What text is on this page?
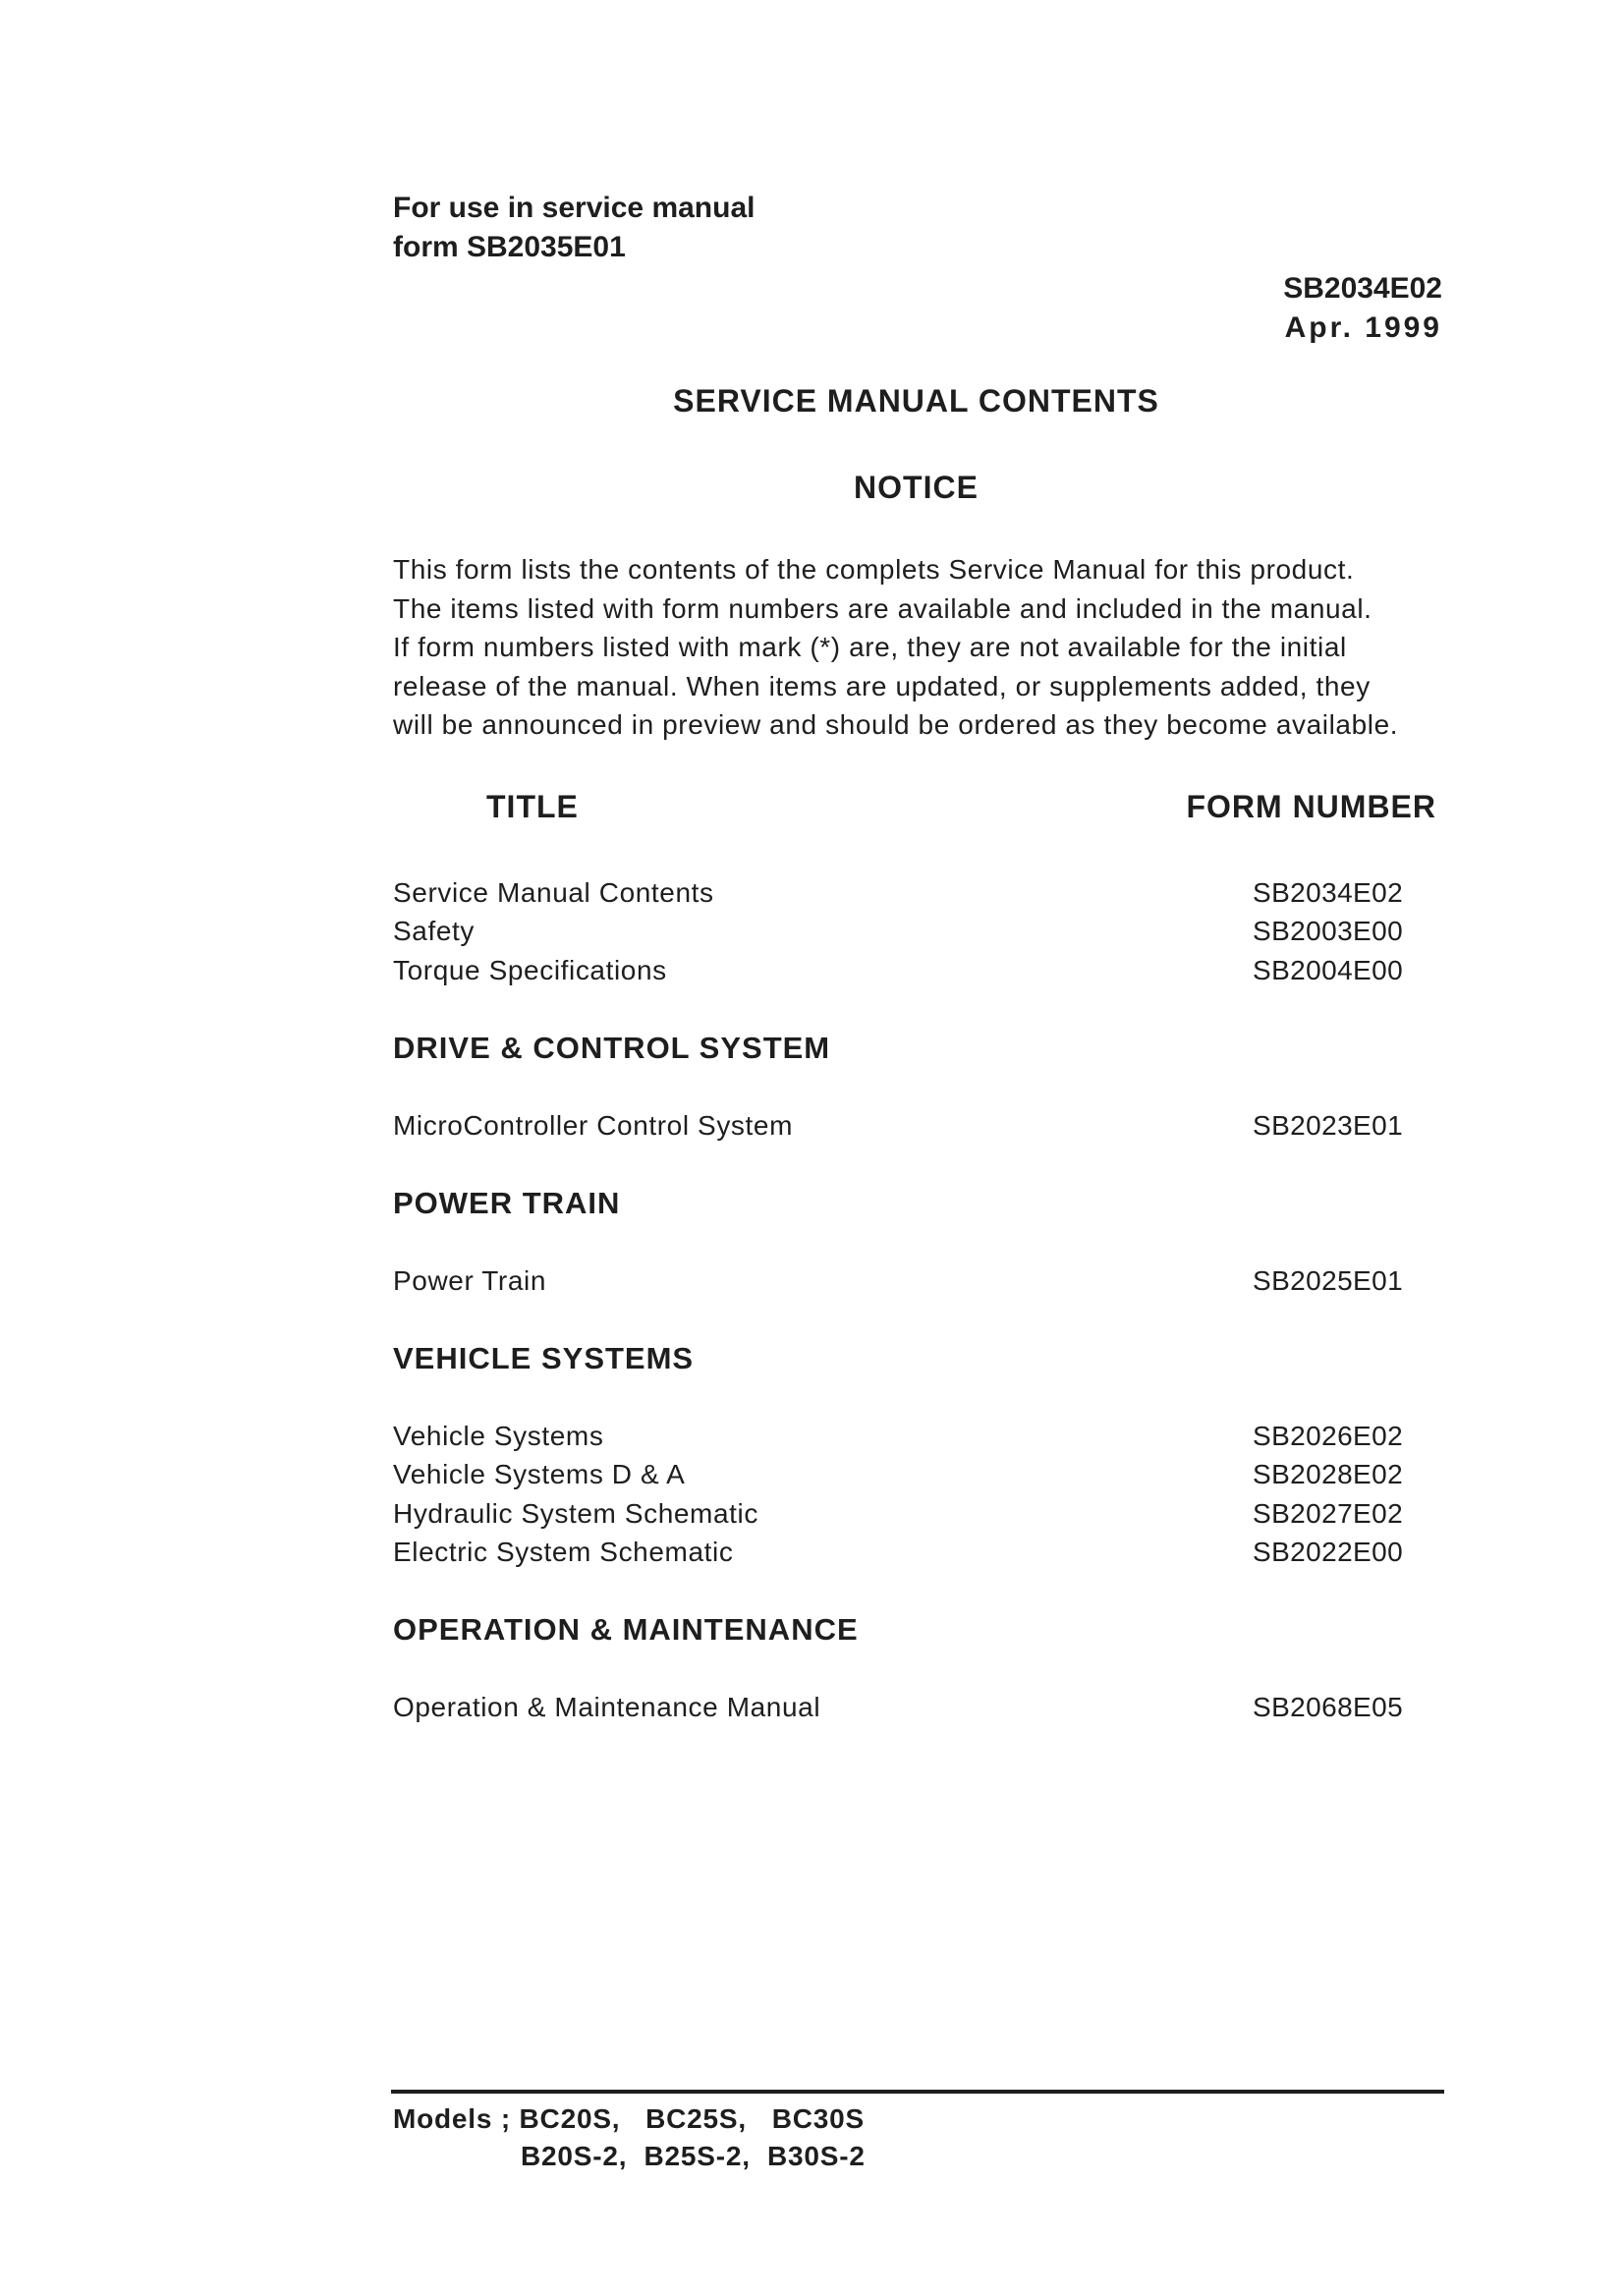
For use in service manual
form SB2035E01
SB2034E02
Apr. 1999
SERVICE MANUAL CONTENTS
NOTICE
This form lists the contents of the complets Service Manual for this product.
The items listed with form numbers are available and included in the manual.
If form numbers listed with mark (*) are, they are not available for the initial
release of the manual. When items are updated, or supplements added, they
will be announced in preview and should be ordered as they become available.
TITLE	FORM NUMBER
Service Manual Contents	SB2034E02
Safety	SB2003E00
Torque Specifications	SB2004E00
DRIVE & CONTROL SYSTEM
MicroController Control System	SB2023E01
POWER TRAIN
Power Train	SB2025E01
VEHICLE SYSTEMS
Vehicle Systems	SB2026E02
Vehicle Systems D & A	SB2028E02
Hydraulic System Schematic	SB2027E02
Electric System Schematic	SB2022E00
OPERATION & MAINTENANCE
Operation & Maintenance Manual	SB2068E05
Models ; BC20S,   BC25S,   BC30S
B20S-2,  B25S-2,  B30S-2
